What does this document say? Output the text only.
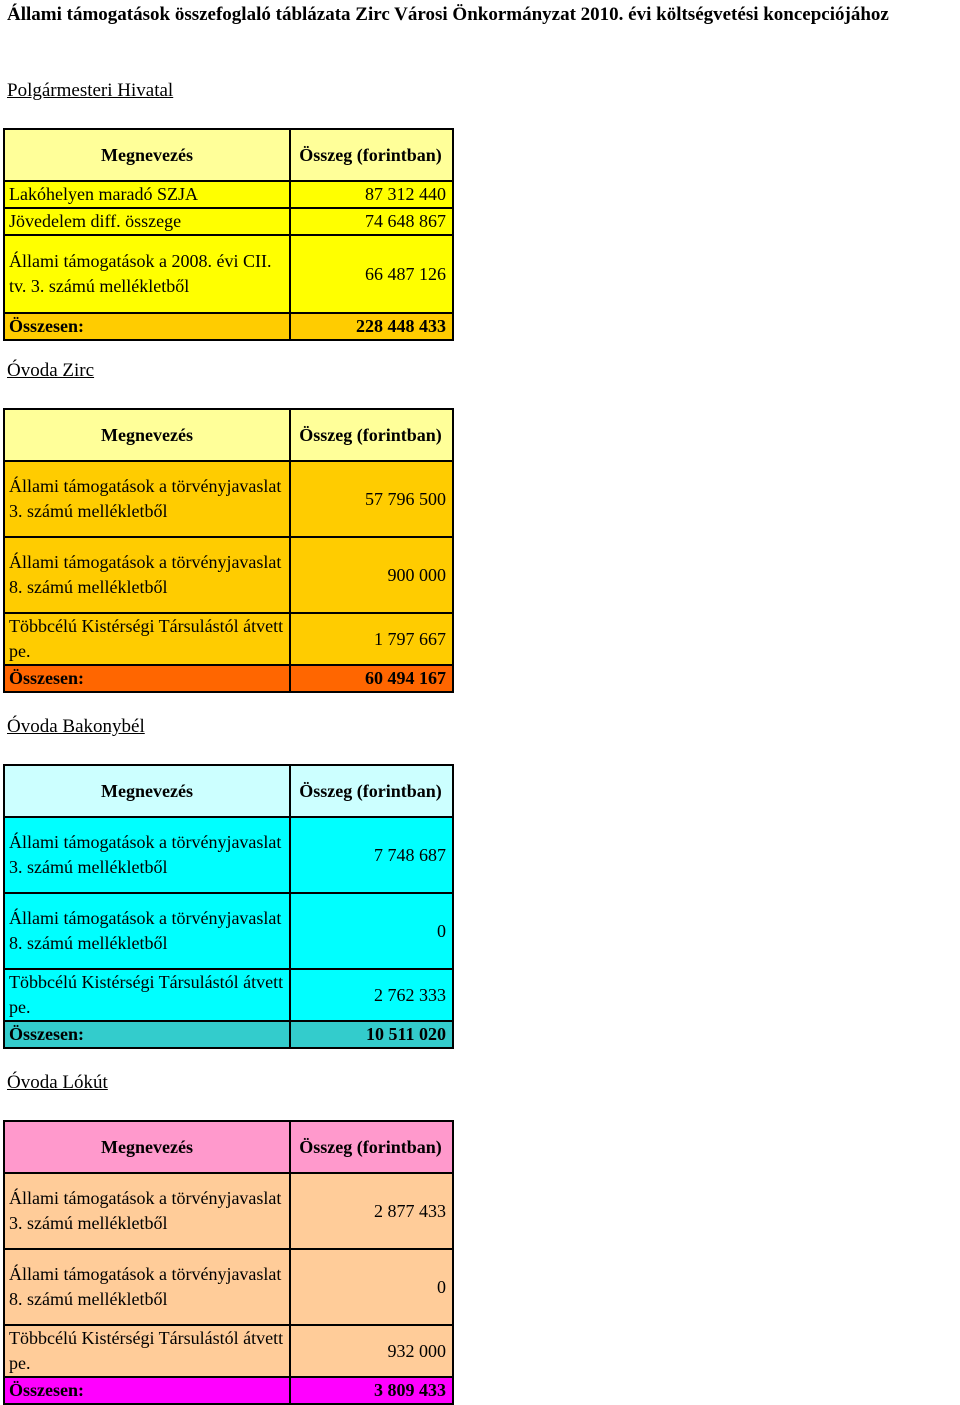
Állami támogatások összefoglaló táblázata Zirc Városi Önkormányzat 2010. évi költségvetési koncepciójához
Polgármesteri Hivatal
Megnevezés	Összeg (forintban)
Lakóhelyen maradó SZJA	87 312 440
Jövedelem diff. összege	74 648 867
Állami támogatások a 2008. évi CII. tv. 3. számú mellékletből	66 487 126
Összesen:	228 448 433
Óvoda Zirc
Megnevezés	Összeg (forintban)
Állami támogatások a törvényjavaslat 3. számú mellékletből	57 796 500
Állami támogatások a törvényjavaslat 8. számú mellékletből	900 000
Többcélú Kistérségi Társulástól átvett pe.	1 797 667
Összesen:	60 494 167
Óvoda Bakonybél
Megnevezés	Összeg (forintban)
Állami támogatások a törvényjavaslat 3. számú mellékletből	7 748 687
Állami támogatások a törvényjavaslat 8. számú mellékletből	0
Többcélú Kistérségi Társulástól átvett pe.	2 762 333
Összesen:	10 511 020
Óvoda Lókút
Megnevezés	Összeg (forintban)
Állami támogatások a törvényjavaslat 3. számú mellékletből	2 877 433
Állami támogatások a törvényjavaslat 8. számú mellékletből	0
Többcélú Kistérségi Társulástól átvett pe.	932 000
Összesen:	3 809 433
